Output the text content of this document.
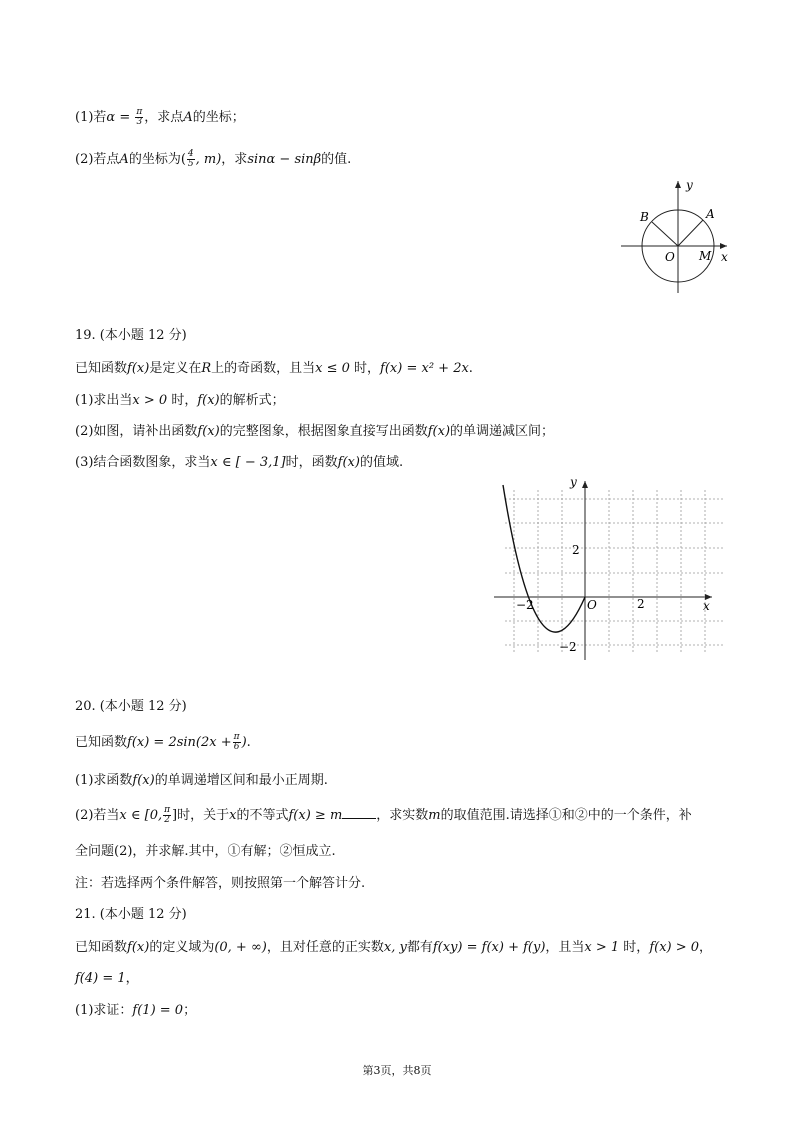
(1)若$\alpha = \frac{\pi}{3}$ ，求点A的坐标；
(2)若点A的坐标为( $\frac{4}{5}$ , m)，求sinα − sinβ的值.
y
B	A
O M x
19. (本小题 12 分)
已知函数f(x)是定义在R上的奇函数，且当x ≤ 0 时，f(x) = x² + 2x.
(1)求出当x > 0 时，f(x)的解析式；
(2)如图，请补出函数f(x)的完整图象，根据图象直接写出函数f(x)的单调递减区间；
(3)结合函数图象，求当x ∈ [ − 3,1]时，函数f(x)的值域.
y
2
−2	O	2	x
−2
20. (本小题 12 分)
已知函数$f(x) = 2\sin(2x + \frac{\pi}{6}$ ).
(1)求函数f(x)的单调递增区间和最小正周期.
(2)若当x ∈ [0, $\frac{\pi}{2}$ ]时，关于x的不等式f(x) ≥ m	，求实数m的取值范围.请选择①和②中的一个条件，补
全问题(2)，并求解.其中，①有解；②恒成立.
注：若选择两个条件解答，则按照第一个解答计分.
21. (本小题 12 分)
已知函数f(x)的定义域为(0, + ∞)，且对任意的正实数x, y都有f(xy) = f(x) + f(y)，且当x > 1 时，f(x) > 0，
f(4) = 1，
(1)求证：f(1) = 0；
第3页，共8页
